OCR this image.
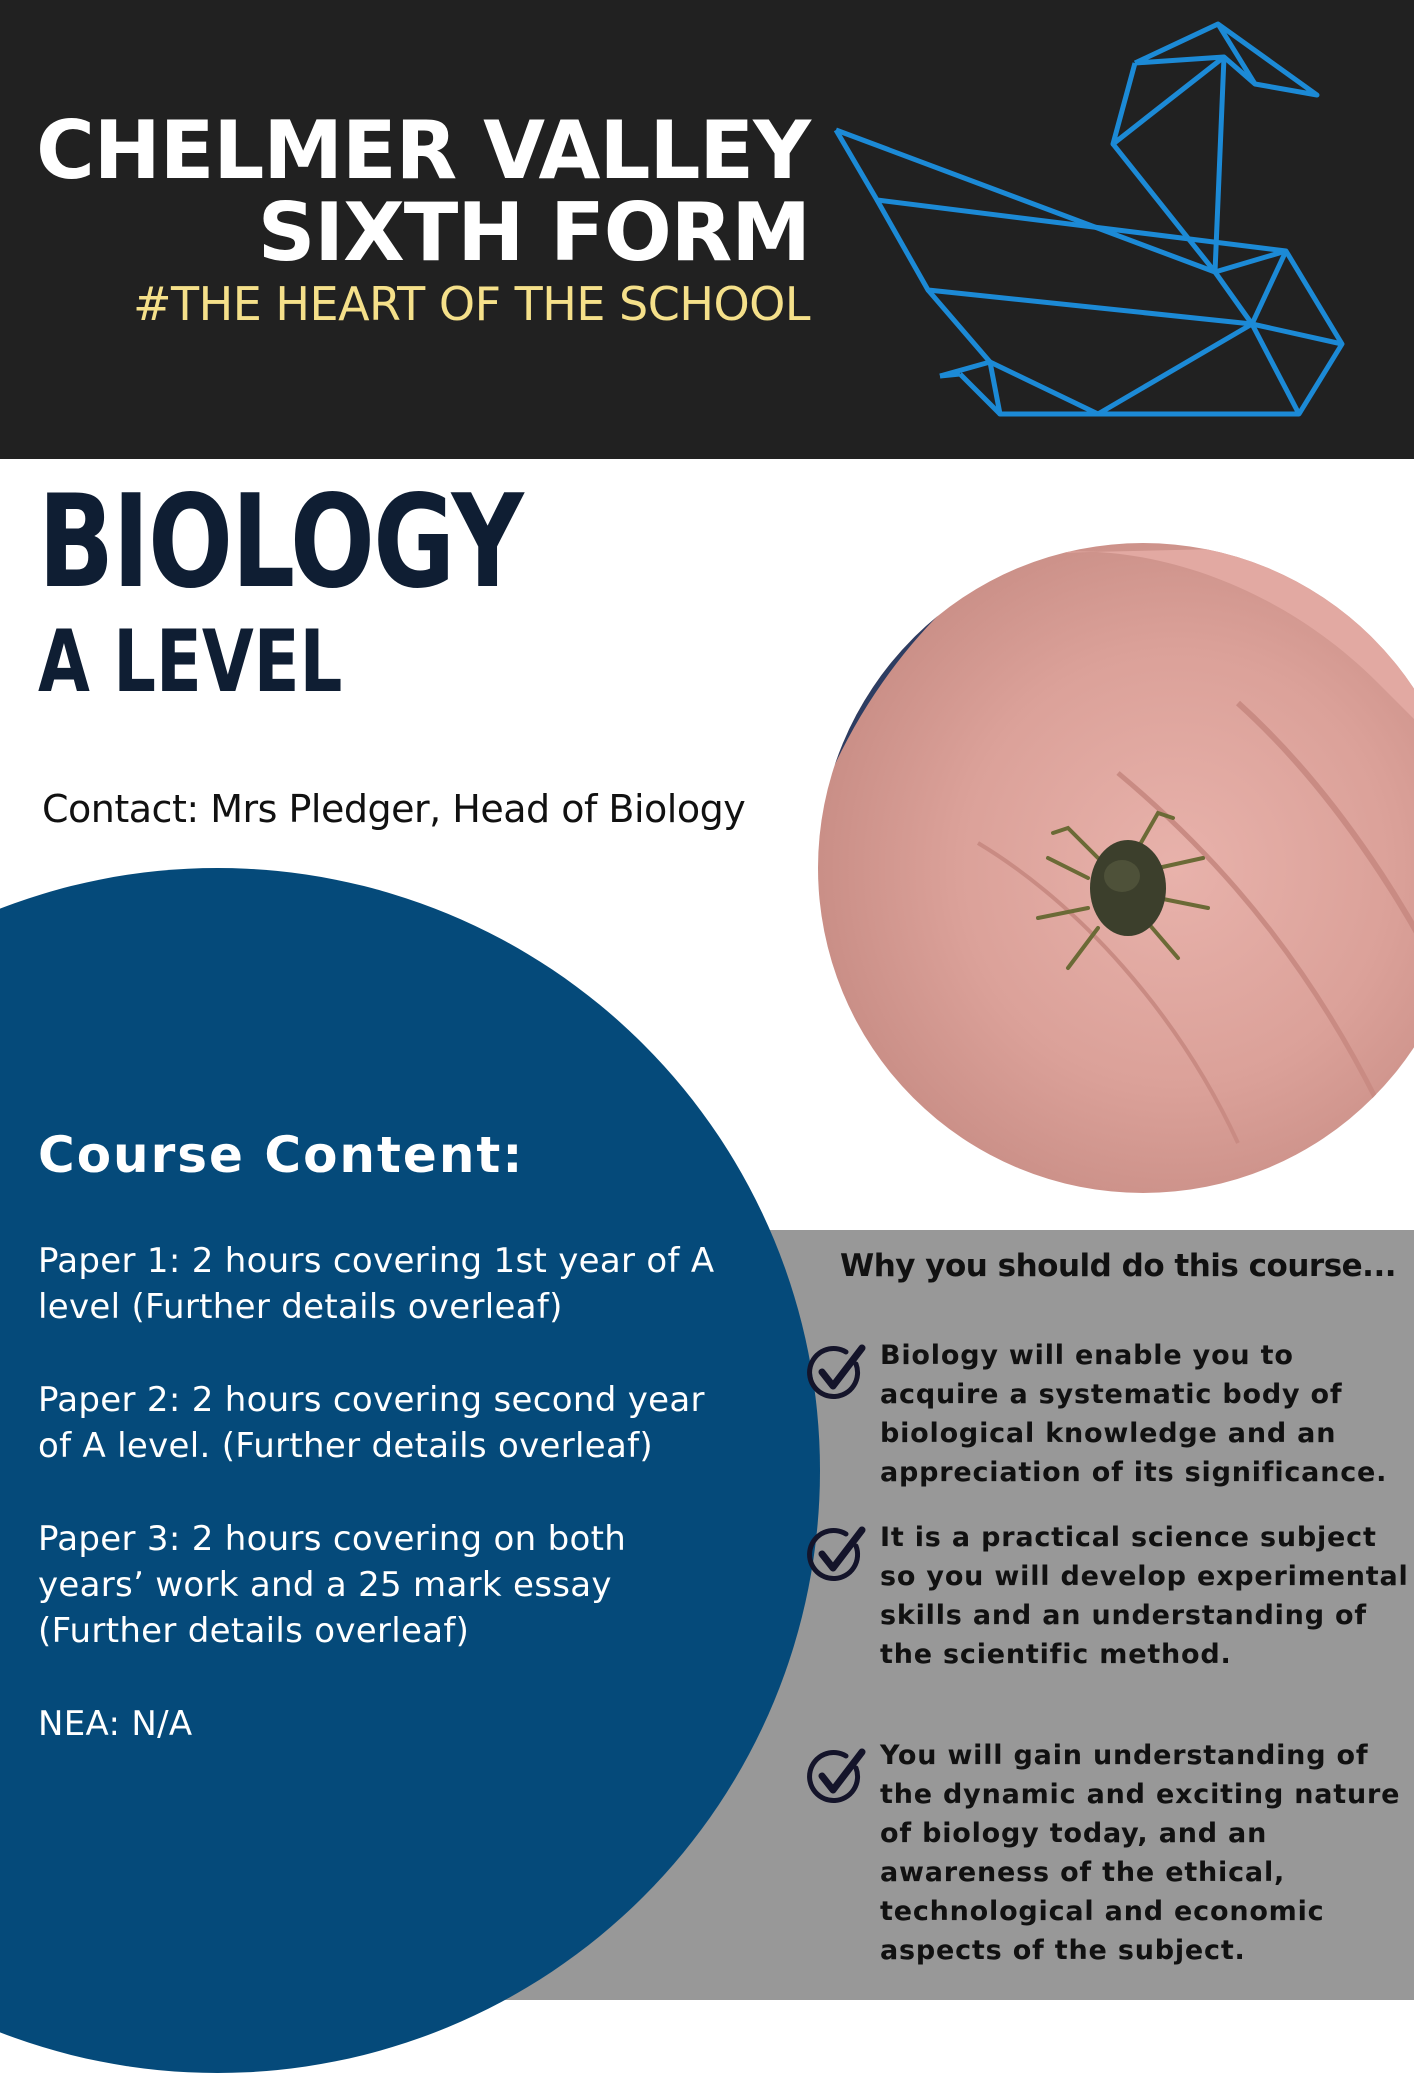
CHELMER VALLEY
SIXTH FORM
#THE HEART OF THE SCHOOL
BIOLOGY
A LEVEL
Contact: Mrs Pledger, Head of Biology
Course Content:
Paper 1: 2 hours covering 1st year of A level (Further details overleaf)
Paper 2: 2 hours covering second year of A level. (Further details overleaf)
Paper 3: 2 hours covering on both years’ work and a 25 mark essay (Further details overleaf)
NEA: N/A
Why you should do this course...
Biology will enable you to acquire a systematic body of biological knowledge and an appreciation of its significance.
It is a practical science subject so you will develop experimental skills and an understanding of the scientific method.
You will gain understanding of the dynamic and exciting nature of biology today, and an awareness of the ethical, technological and economic aspects of the subject.
